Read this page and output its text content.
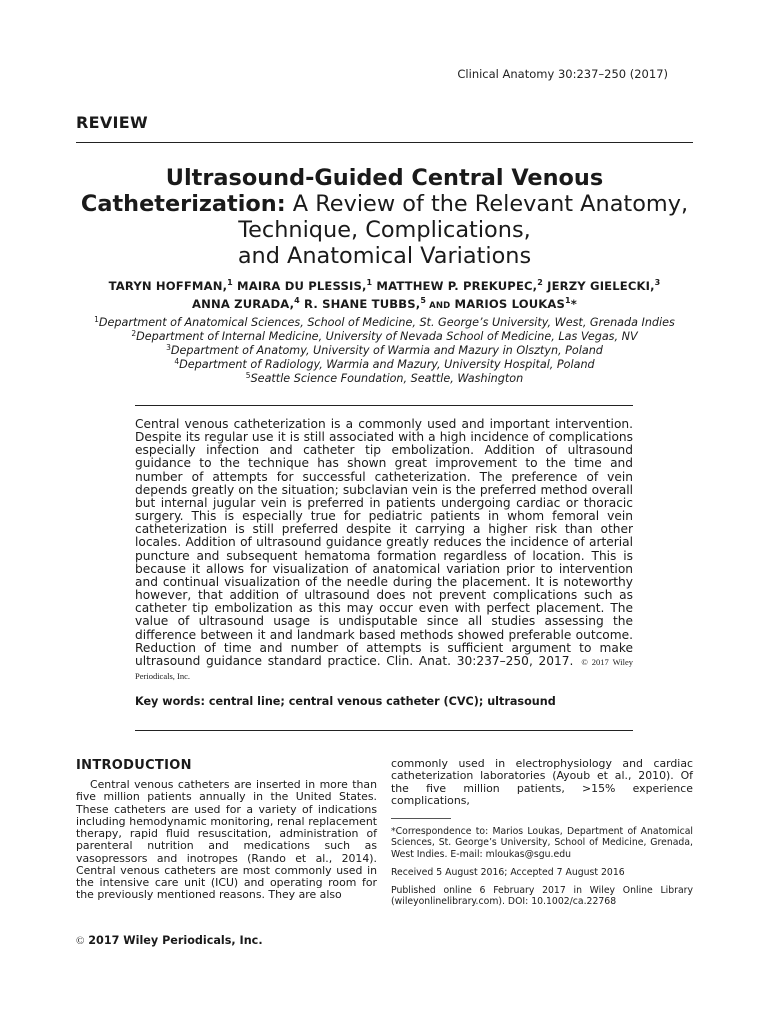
Clinical Anatomy 30:237–250 (2017)
REVIEW
Ultrasound-Guided Central Venous Catheterization: A Review of the Relevant Anatomy,
Technique, Complications,
and Anatomical Variations
TARYN HOFFMAN,$^1$ MAIRA DU PLESSIS,$^1$ MATTHEW P. PREKUPEC,$^2$ JERZY GIELECKI,$^3$
ANNA ZURADA,$^4$ R. SHANE TUBBS,$^5$ AND MARIOS LOUKAS$^1$*
$^1$Department of Anatomical Sciences, School of Medicine, St. George’s University, West, Grenada Indies
$^2$Department of Internal Medicine, University of Nevada School of Medicine, Las Vegas, NV
$^3$Department of Anatomy, University of Warmia and Mazury in Olsztyn, Poland
$^4$Department of Radiology, Warmia and Mazury, University Hospital, Poland
$^5$Seattle Science Foundation, Seattle, Washington
Central venous catheterization is a commonly used and important intervention. Despite its regular use it is still associated with a high incidence of complications especially infection and catheter tip embolization. Addition of ultrasound guidance to the technique has shown great improvement to the time and number of attempts for successful catheterization. The preference of vein depends greatly on the situation; subclavian vein is the preferred method overall but internal jugular vein is preferred in patients undergoing cardiac or thoracic surgery. This is especially true for pediatric patients in whom femoral vein catheterization is still preferred despite it carrying a higher risk than other locales. Addition of ultrasound guidance greatly reduces the incidence of arterial puncture and subsequent hematoma formation regardless of location. This is because it allows for visualization of anatomical variation prior to intervention and continual visualization of the needle during the placement. It is noteworthy however, that addition of ultrasound does not prevent complications such as catheter tip embolization as this may occur even with perfect placement. The value of ultrasound usage is undisputable since all studies assessing the difference between it and landmark based methods showed preferable outcome. Reduction of time and number of attempts is sufficient argument to make ultrasound guidance standard practice. Clin. Anat. 30:237–250, 2017. © 2017 Wiley Periodicals, Inc.
Key words: central line; central venous catheter (CVC); ultrasound
INTRODUCTION
Central venous catheters are inserted in more than five million patients annually in the United States. These catheters are used for a variety of indications including hemodynamic monitoring, renal replacement therapy, rapid fluid resuscitation, administration of parenteral nutrition and medications such as vasopressors and inotropes (Rando et al., 2014). Central venous catheters are most commonly used in the intensive care unit (ICU) and operating room for the previously mentioned reasons. They are also
commonly used in electrophysiology and cardiac catheterization laboratories (Ayoub et al., 2010). Of the five million patients, >15% experience complications,
*Correspondence to: Marios Loukas, Department of Anatomical Sciences, St. George’s University, School of Medicine, Grenada, West Indies. E-mail: mloukas@sgu.edu
Received 5 August 2016; Accepted 7 August 2016
Published online 6 February 2017 in Wiley Online Library (wileyonlinelibrary.com). DOI: 10.1002/ca.22768
© 2017 Wiley Periodicals, Inc.
